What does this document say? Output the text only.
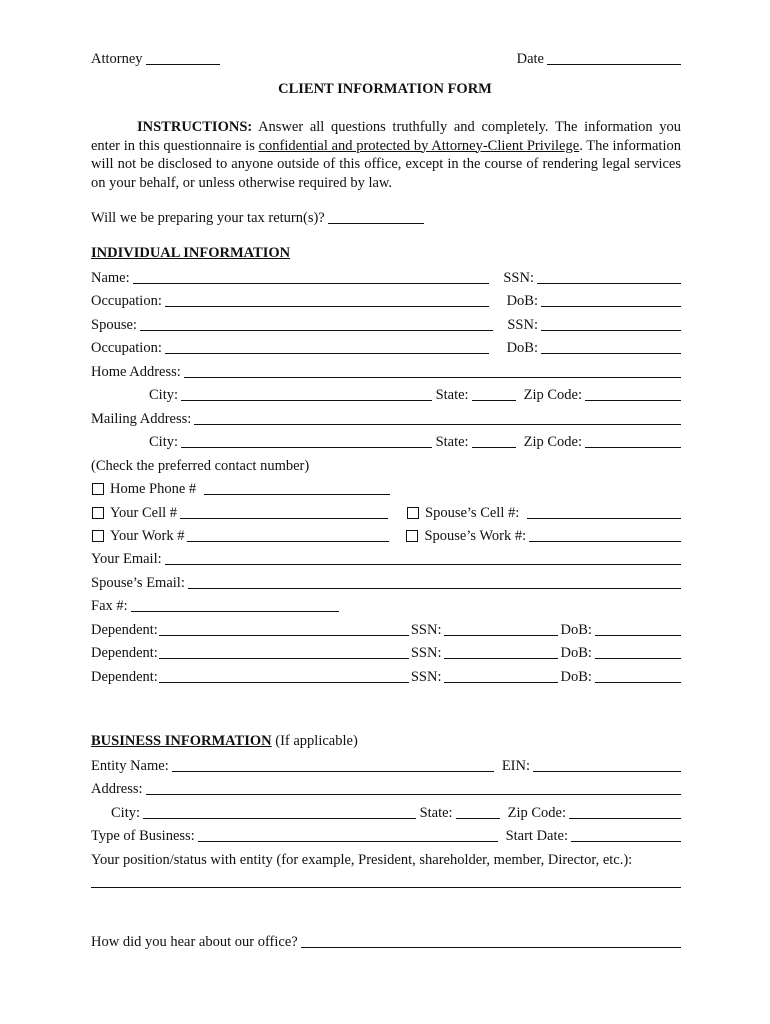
Attorney	Date
CLIENT INFORMATION FORM
INSTRUCTIONS: Answer all questions truthfully and completely. The information you enter in this questionnaire is confidential and protected by Attorney-Client Privilege. The information will not be disclosed to anyone outside of this office, except in the course of rendering legal services on your behalf, or unless otherwise required by law.
Will we be preparing your tax return(s)?
INDIVIDUAL INFORMATION
Name:	SSN:
Occupation:	DoB:
Spouse:	SSN:
Occupation:	DoB:
Home Address:
City:	State:	Zip Code:
Mailing Address:
City:	State:	Zip Code:
(Check the preferred contact number)
Home Phone #
Your Cell #	Spouse’s Cell #:
Your Work #	Spouse’s Work #:
Your Email:
Spouse’s Email:
Fax #:
Dependent:	SSN:	DoB:
Dependent:	SSN:	DoB:
Dependent:	SSN:	DoB:
BUSINESS INFORMATION (If applicable)
Entity Name:	EIN:
Address:
City:	State:	Zip Code:
Type of Business:	Start Date:
Your position/status with entity (for example, President, shareholder, member, Director, etc.):
How did you hear about our office?
